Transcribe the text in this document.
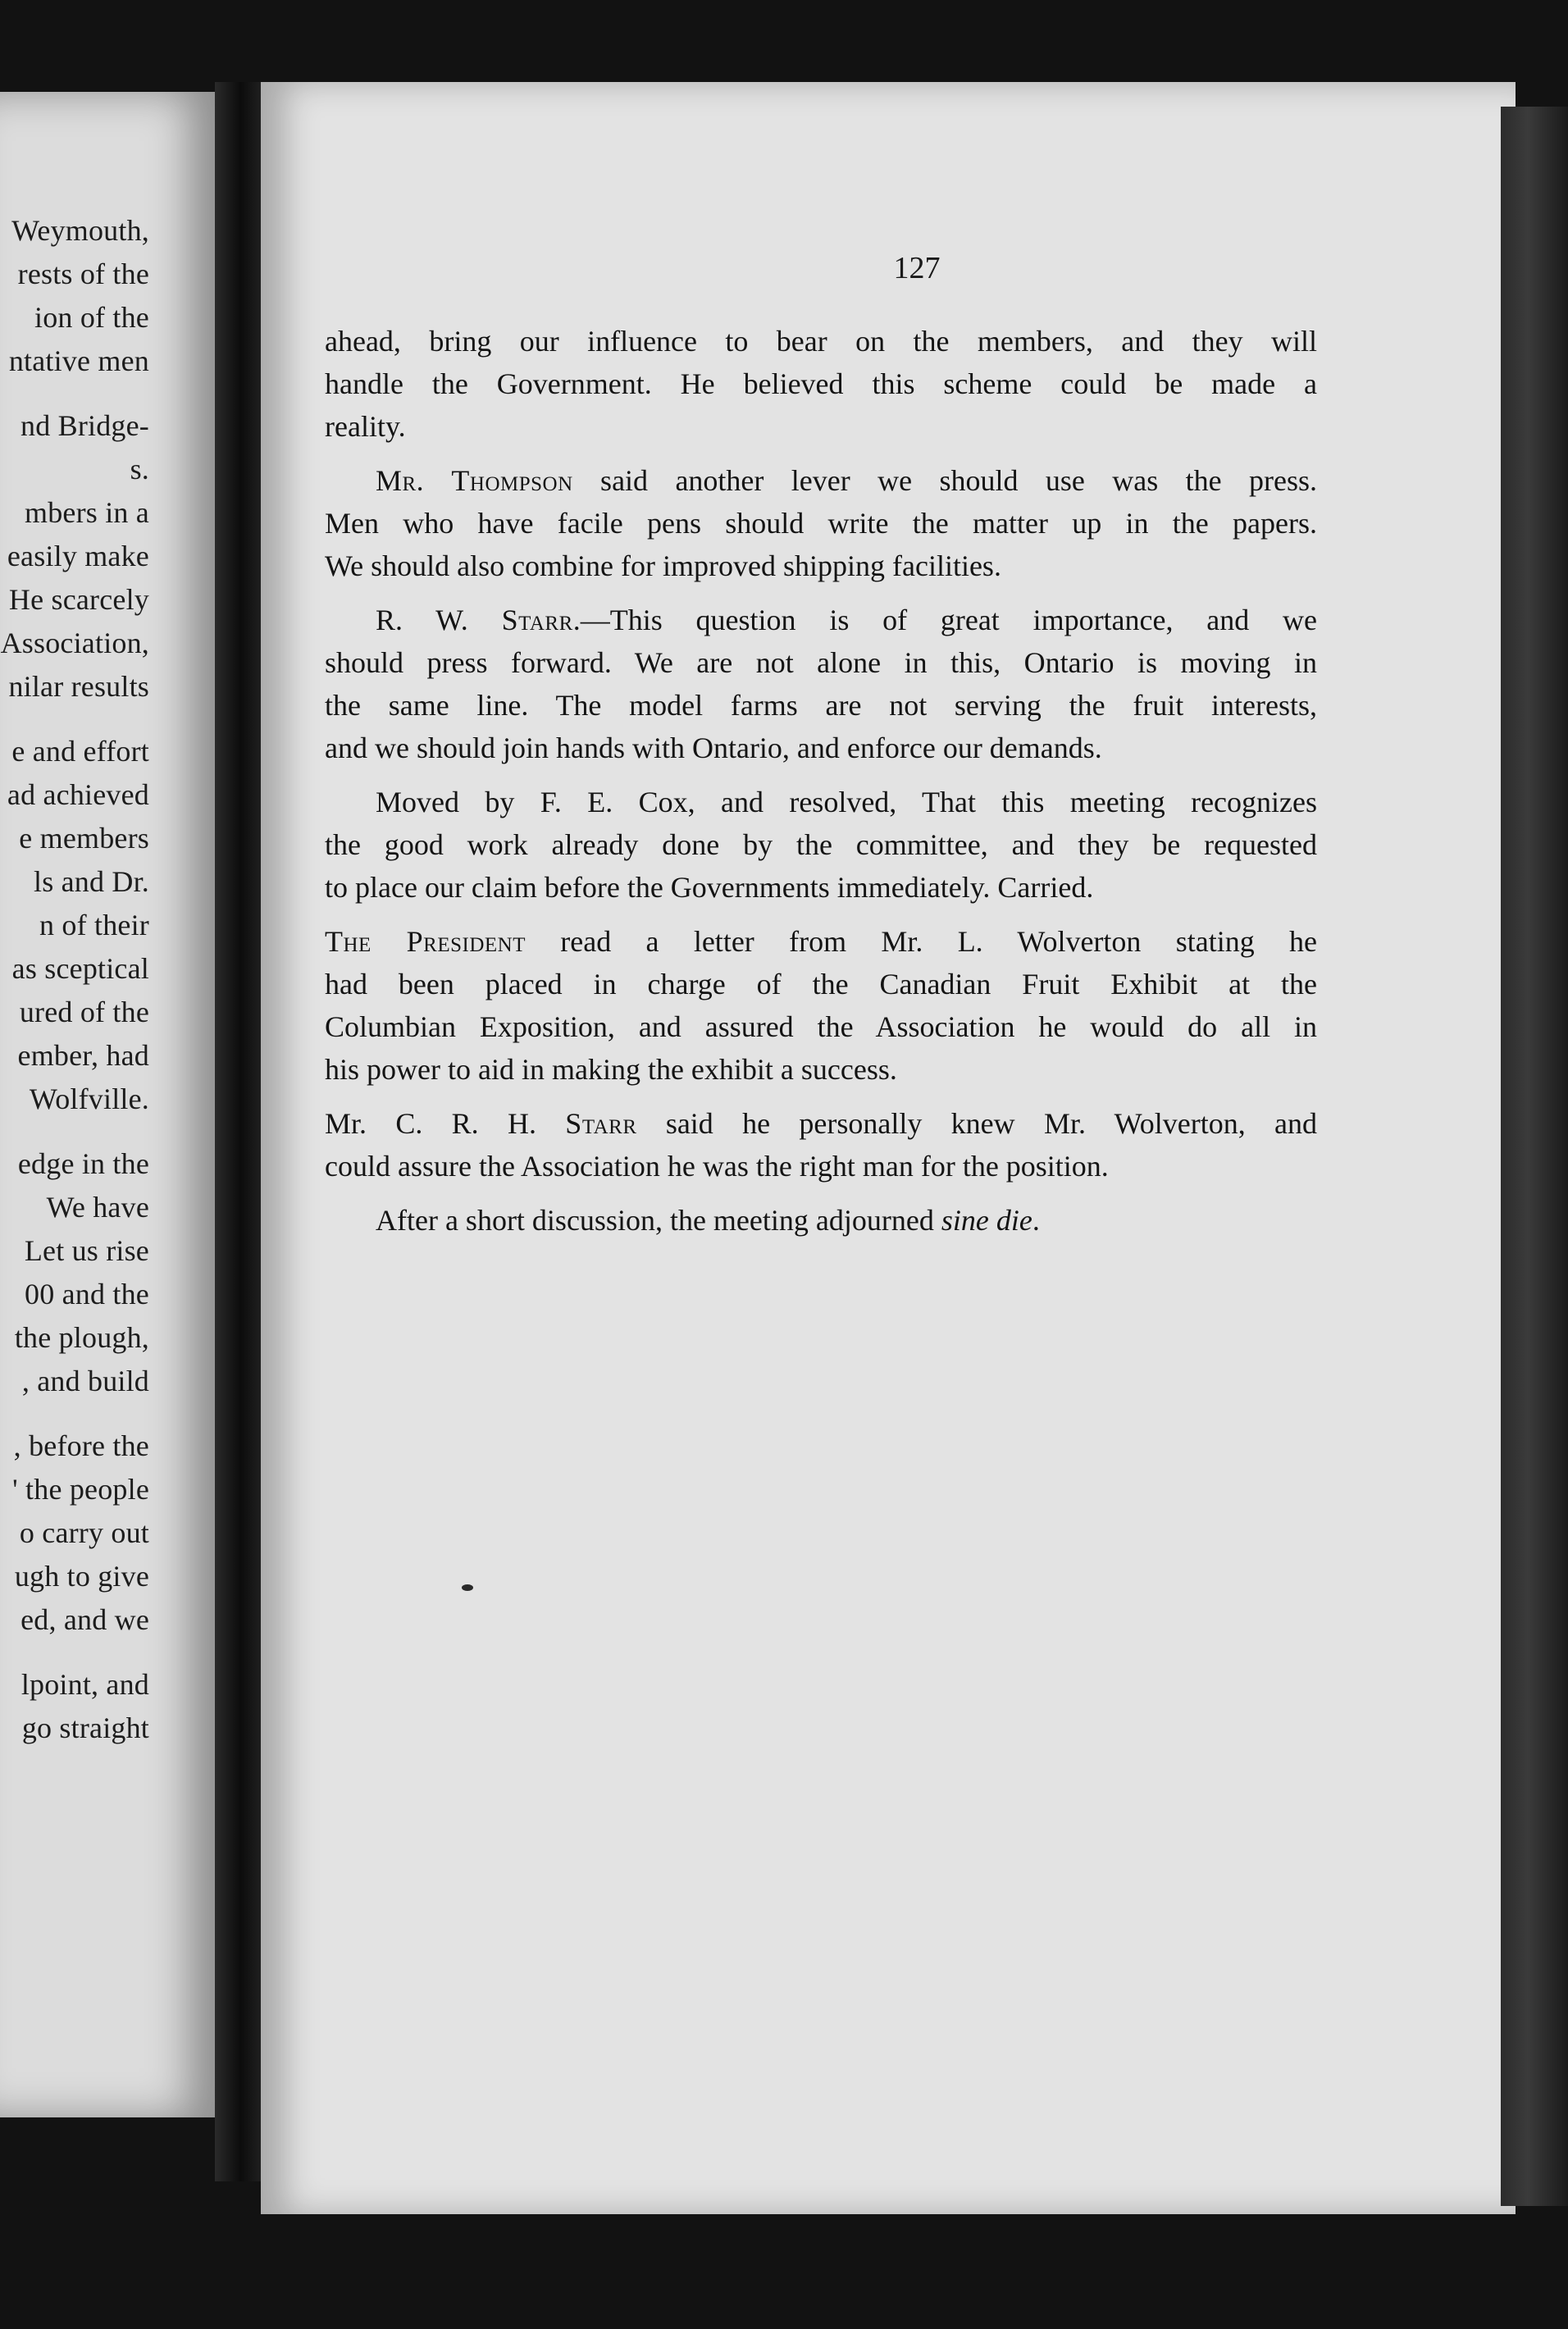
Weymouth,
rests of the
ion of the
ntative men
nd Bridge-
s.
mbers in a
easily make
He scarcely
Association,
nilar results
e and effort
ad achieved
e members
ls and Dr.
n of their
as sceptical
ured of the
ember, had
Wolfville.
edge in the
We have
Let us rise
00 and the
the plough,
, and build
, before the
' the people
o carry out
ugh to give
ed, and we
lpoint, and
go straight
127
ahead, bring our influence to bear on the members, and they will
handle the Government. He believed this scheme could be made a
reality.
Mr. Thompson said another lever we should use was the press.
Men who have facile pens should write the matter up in the papers.
We should also combine for improved shipping facilities.
R. W. Starr.—This question is of great importance, and we
should press forward. We are not alone in this, Ontario is moving in
the same line. The model farms are not serving the fruit interests,
and we should join hands with Ontario, and enforce our demands.
Moved by F. E. Cox, and resolved, That this meeting recognizes
the good work already done by the committee, and they be requested
to place our claim before the Governments immediately. Carried.
The President read a letter from Mr. L. Wolverton stating he
had been placed in charge of the Canadian Fruit Exhibit at the
Columbian Exposition, and assured the Association he would do all in
his power to aid in making the exhibit a success.
Mr. C. R. H. Starr said he personally knew Mr. Wolverton, and
could assure the Association he was the right man for the position.
After a short discussion, the meeting adjourned sine die.
